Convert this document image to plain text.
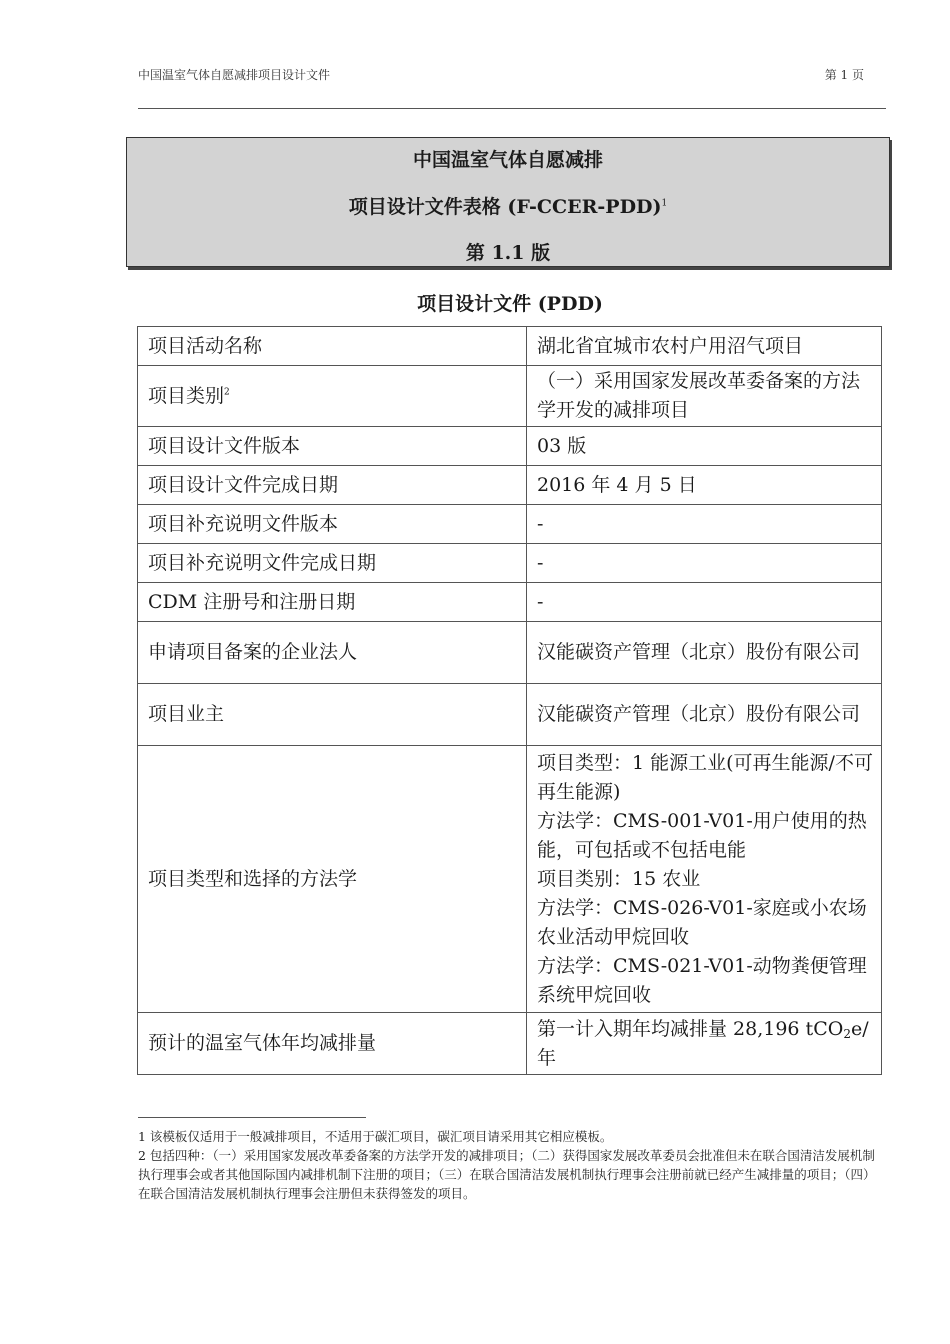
中国温室气体自愿减排项目设计文件	第 1 页
中国温室气体自愿减排
项目设计文件表格 (F-CCER-PDD)$^1$
第 1.1 版
项目设计文件 (PDD)
项目活动名称	湖北省宜城市农村户用沼气项目
项目类别$^2$	（一）采用国家发展改革委备案的方法学开发的减排项目
项目设计文件版本	03 版
项目设计文件完成日期	2016 年 4 月 5 日
项目补充说明文件版本	-
项目补充说明文件完成日期	-
CDM 注册号和注册日期	-
申请项目备案的企业法人	汉能碳资产管理（北京）股份有限公司
项目业主	汉能碳资产管理（北京）股份有限公司
项目类型和选择的方法学	项目类型：1 能源工业(可再生能源/不可再生能源)
方法学：CMS-001-V01-用户使用的热能，可包括或不包括电能
项目类别：15 农业
方法学：CMS-026-V01-家庭或小农场农业活动甲烷回收
方法学：CMS-021-V01-动物粪便管理系统甲烷回收

预计的温室气体年均减排量	第一计入期年均减排量 28,196 tCO2e/年

1 该模板仅适用于一般减排项目，不适用于碳汇项目，碳汇项目请采用其它相应模板。

2 包括四种：（一）采用国家发展改革委备案的方法学开发的减排项目；（二）获得国家发展改革委员会批准但未在联合国清洁发展机制执行理事会或者其他国际国内减排机制下注册的项目；（三）在联合国清洁发展机制执行理事会注册前就已经产生减排量的项目；（四）在联合国清洁发展机制执行理事会注册但未获得签发的项目。
